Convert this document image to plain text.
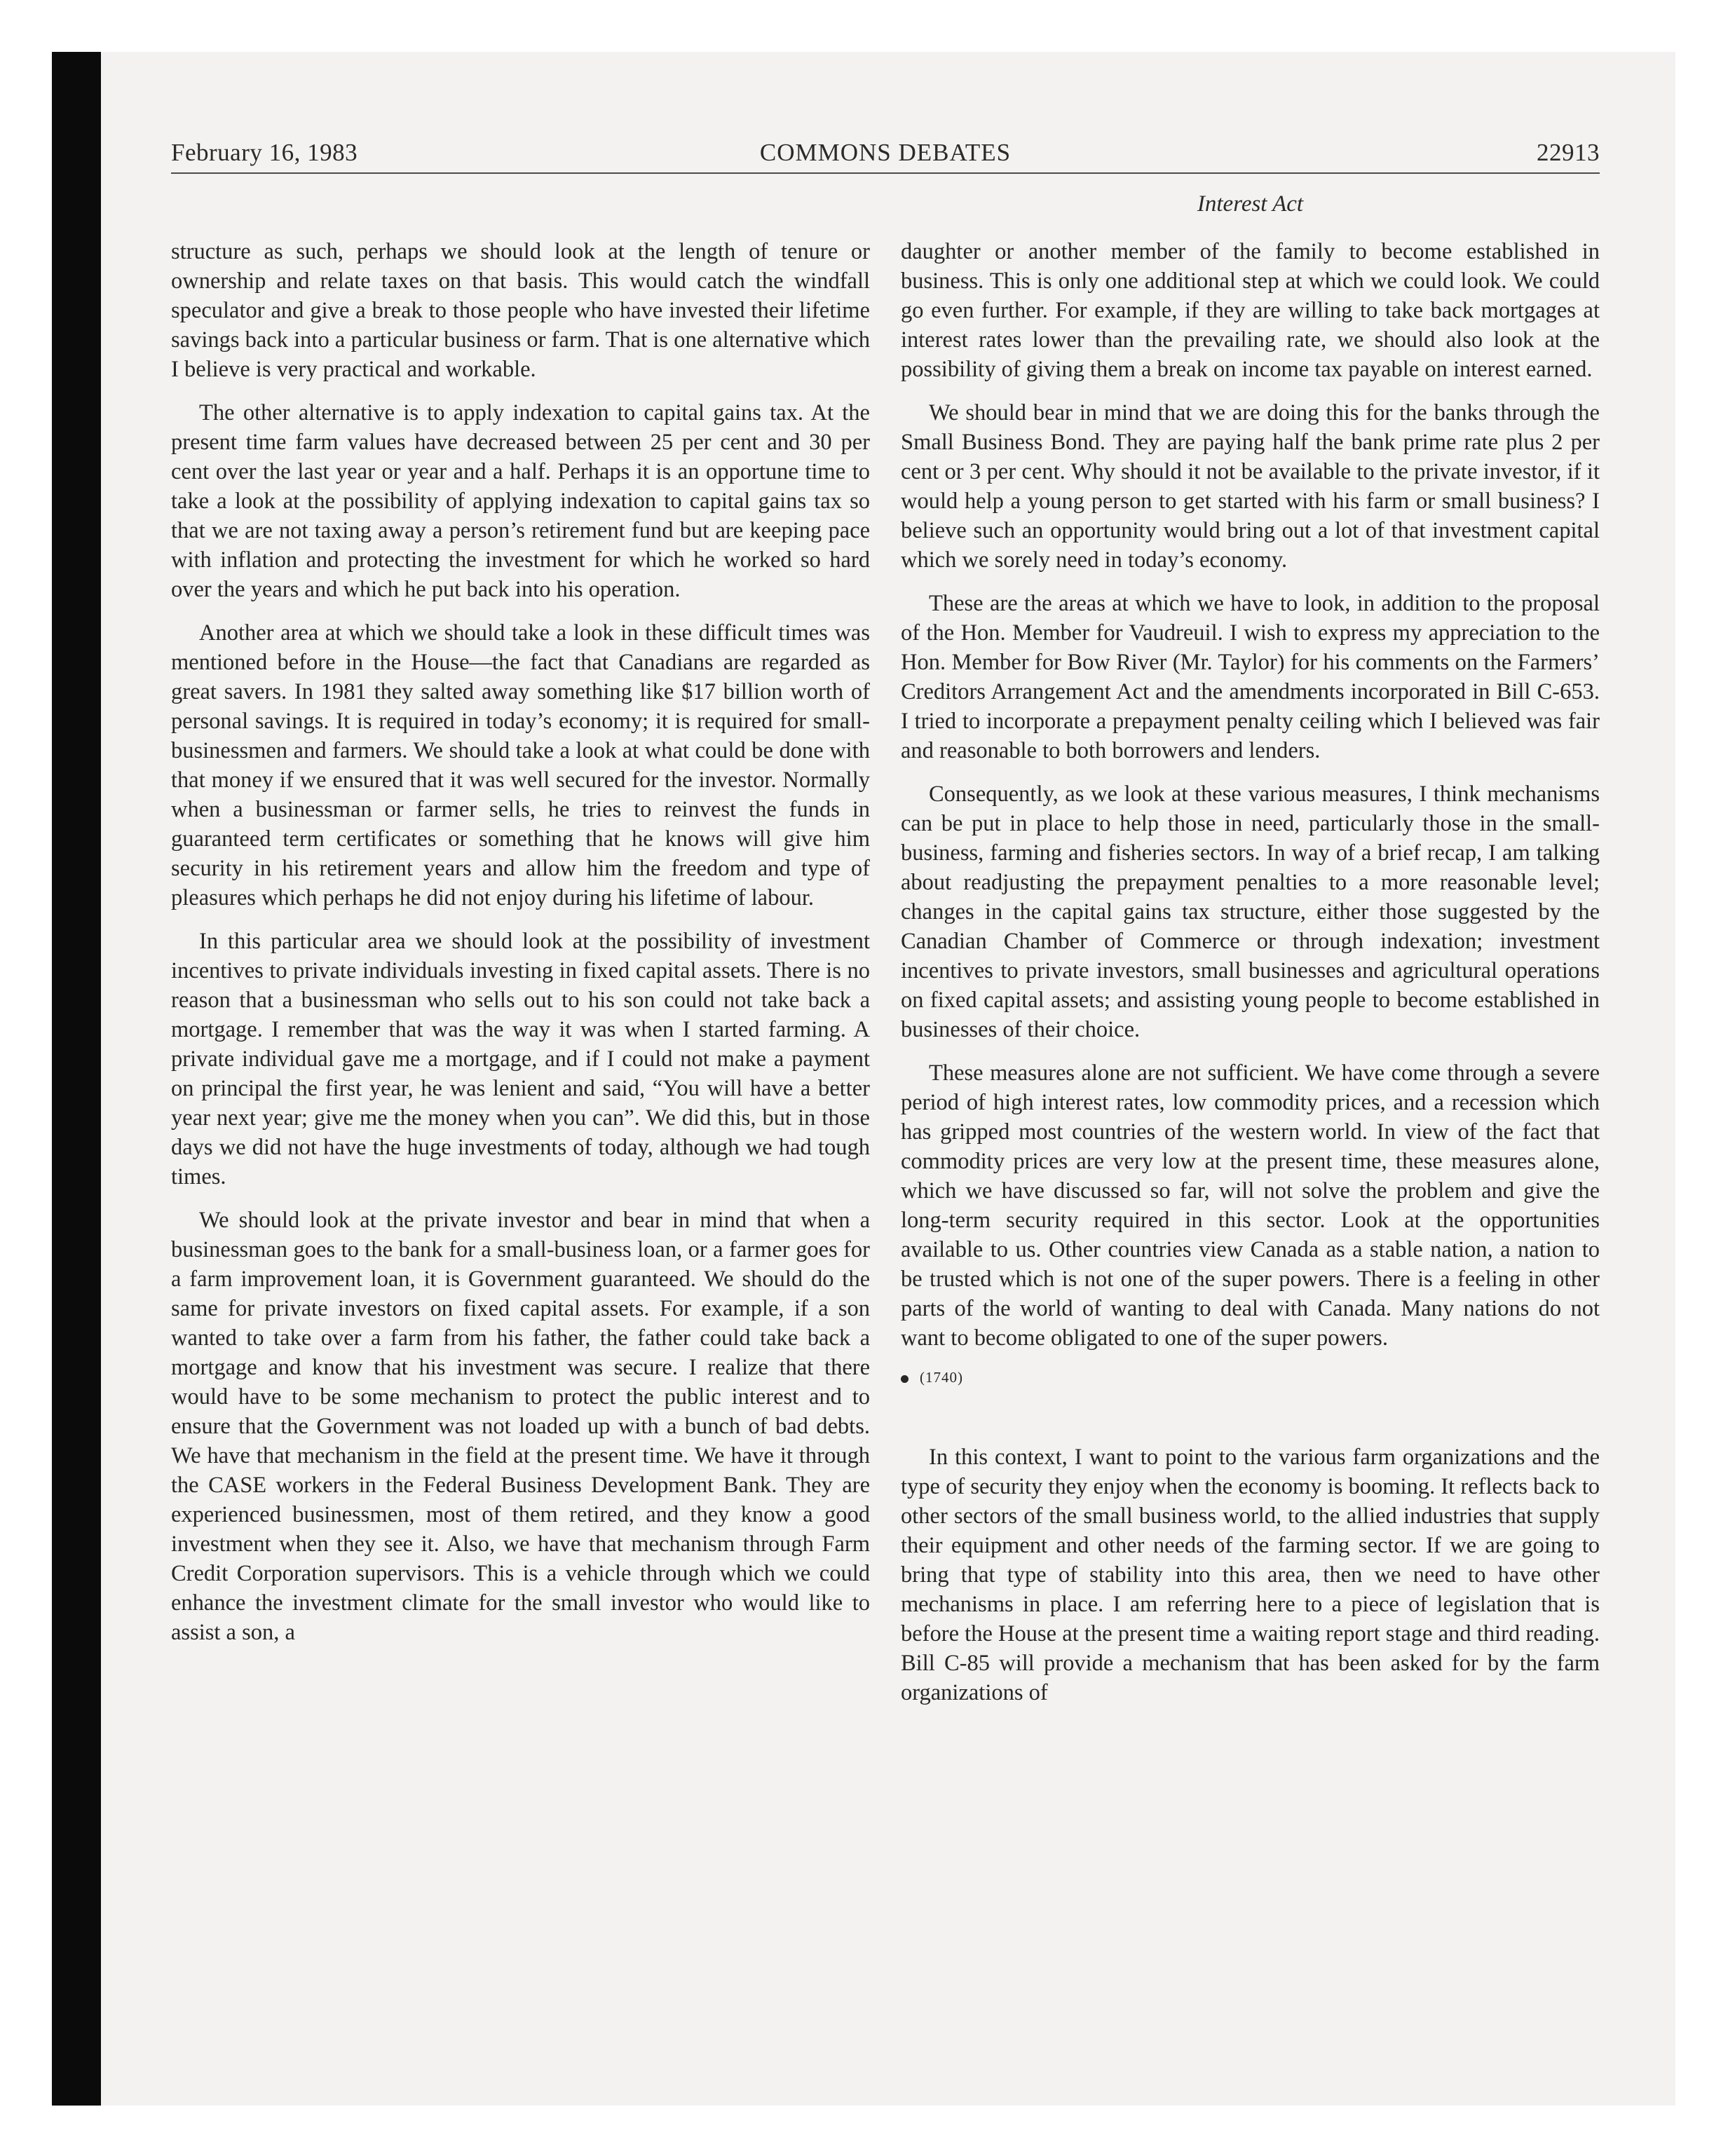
February 16, 1983	COMMONS DEBATES	22913
Interest Act

structure as such, perhaps we should look at the length of tenure or ownership and relate taxes on that basis. This would catch the windfall speculator and give a break to those people who have invested their lifetime savings back into a particular business or farm. That is one alternative which I believe is very practical and workable.

The other alternative is to apply indexation to capital gains tax. At the present time farm values have decreased between 25 per cent and 30 per cent over the last year or year and a half. Perhaps it is an opportune time to take a look at the possibility of applying indexation to capital gains tax so that we are not taxing away a person’s retirement fund but are keeping pace with inflation and protecting the investment for which he worked so hard over the years and which he put back into his operation.

Another area at which we should take a look in these difficult times was mentioned before in the House—the fact that Canadians are regarded as great savers. In 1981 they salted away something like $17 billion worth of personal savings. It is required in today’s economy; it is required for small-businessmen and farmers. We should take a look at what could be done with that money if we ensured that it was well secured for the investor. Normally when a businessman or farmer sells, he tries to reinvest the funds in guaranteed term certificates or something that he knows will give him security in his retirement years and allow him the freedom and type of pleasures which perhaps he did not enjoy during his lifetime of labour.

In this particular area we should look at the possibility of investment incentives to private individuals investing in fixed capital assets. There is no reason that a businessman who sells out to his son could not take back a mortgage. I remember that was the way it was when I started farming. A private individual gave me a mortgage, and if I could not make a payment on principal the first year, he was lenient and said, “You will have a better year next year; give me the money when you can”. We did this, but in those days we did not have the huge investments of today, although we had tough times.

We should look at the private investor and bear in mind that when a businessman goes to the bank for a small-business loan, or a farmer goes for a farm improvement loan, it is Government guaranteed. We should do the same for private investors on fixed capital assets. For example, if a son wanted to take over a farm from his father, the father could take back a mortgage and know that his investment was secure. I realize that there would have to be some mechanism to protect the public interest and to ensure that the Government was not loaded up with a bunch of bad debts. We have that mechanism in the field at the present time. We have it through the CASE workers in the Federal Business Development Bank. They are experienced businessmen, most of them retired, and they know a good investment when they see it. Also, we have that mechanism through Farm Credit Corporation supervisors. This is a vehicle through which we could enhance the investment climate for the small investor who would like to assist a son, a

daughter or another member of the family to become established in business. This is only one additional step at which we could look. We could go even further. For example, if they are willing to take back mortgages at interest rates lower than the prevailing rate, we should also look at the possibility of giving them a break on income tax payable on interest earned.

We should bear in mind that we are doing this for the banks through the Small Business Bond. They are paying half the bank prime rate plus 2 per cent or 3 per cent. Why should it not be available to the private investor, if it would help a young person to get started with his farm or small business? I believe such an opportunity would bring out a lot of that investment capital which we sorely need in today’s economy.

These are the areas at which we have to look, in addition to the proposal of the Hon. Member for Vaudreuil. I wish to express my appreciation to the Hon. Member for Bow River (Mr. Taylor) for his comments on the Farmers’ Creditors Arrangement Act and the amendments incorporated in Bill C-653. I tried to incorporate a prepayment penalty ceiling which I believed was fair and reasonable to both borrowers and lenders.

Consequently, as we look at these various measures, I think mechanisms can be put in place to help those in need, particularly those in the small-business, farming and fisheries sectors. In way of a brief recap, I am talking about readjusting the prepayment penalties to a more reasonable level; changes in the capital gains tax structure, either those suggested by the Canadian Chamber of Commerce or through indexation; investment incentives to private investors, small businesses and agricultural operations on fixed capital assets; and assisting young people to become established in businesses of their choice.

These measures alone are not sufficient. We have come through a severe period of high interest rates, low commodity prices, and a recession which has gripped most countries of the western world. In view of the fact that commodity prices are very low at the present time, these measures alone, which we have discussed so far, will not solve the problem and give the long-term security required in this sector. Look at the opportunities available to us. Other countries view Canada as a stable nation, a nation to be trusted which is not one of the super powers. There is a feeling in other parts of the world of wanting to deal with Canada. Many nations do not want to become obligated to one of the super powers.

(1740)

In this context, I want to point to the various farm organizations and the type of security they enjoy when the economy is booming. It reflects back to other sectors of the small business world, to the allied industries that supply their equipment and other needs of the farming sector. If we are going to bring that type of stability into this area, then we need to have other mechanisms in place. I am referring here to a piece of legislation that is before the House at the present time a waiting report stage and third reading. Bill C-85 will provide a mechanism that has been asked for by the farm organizations of
